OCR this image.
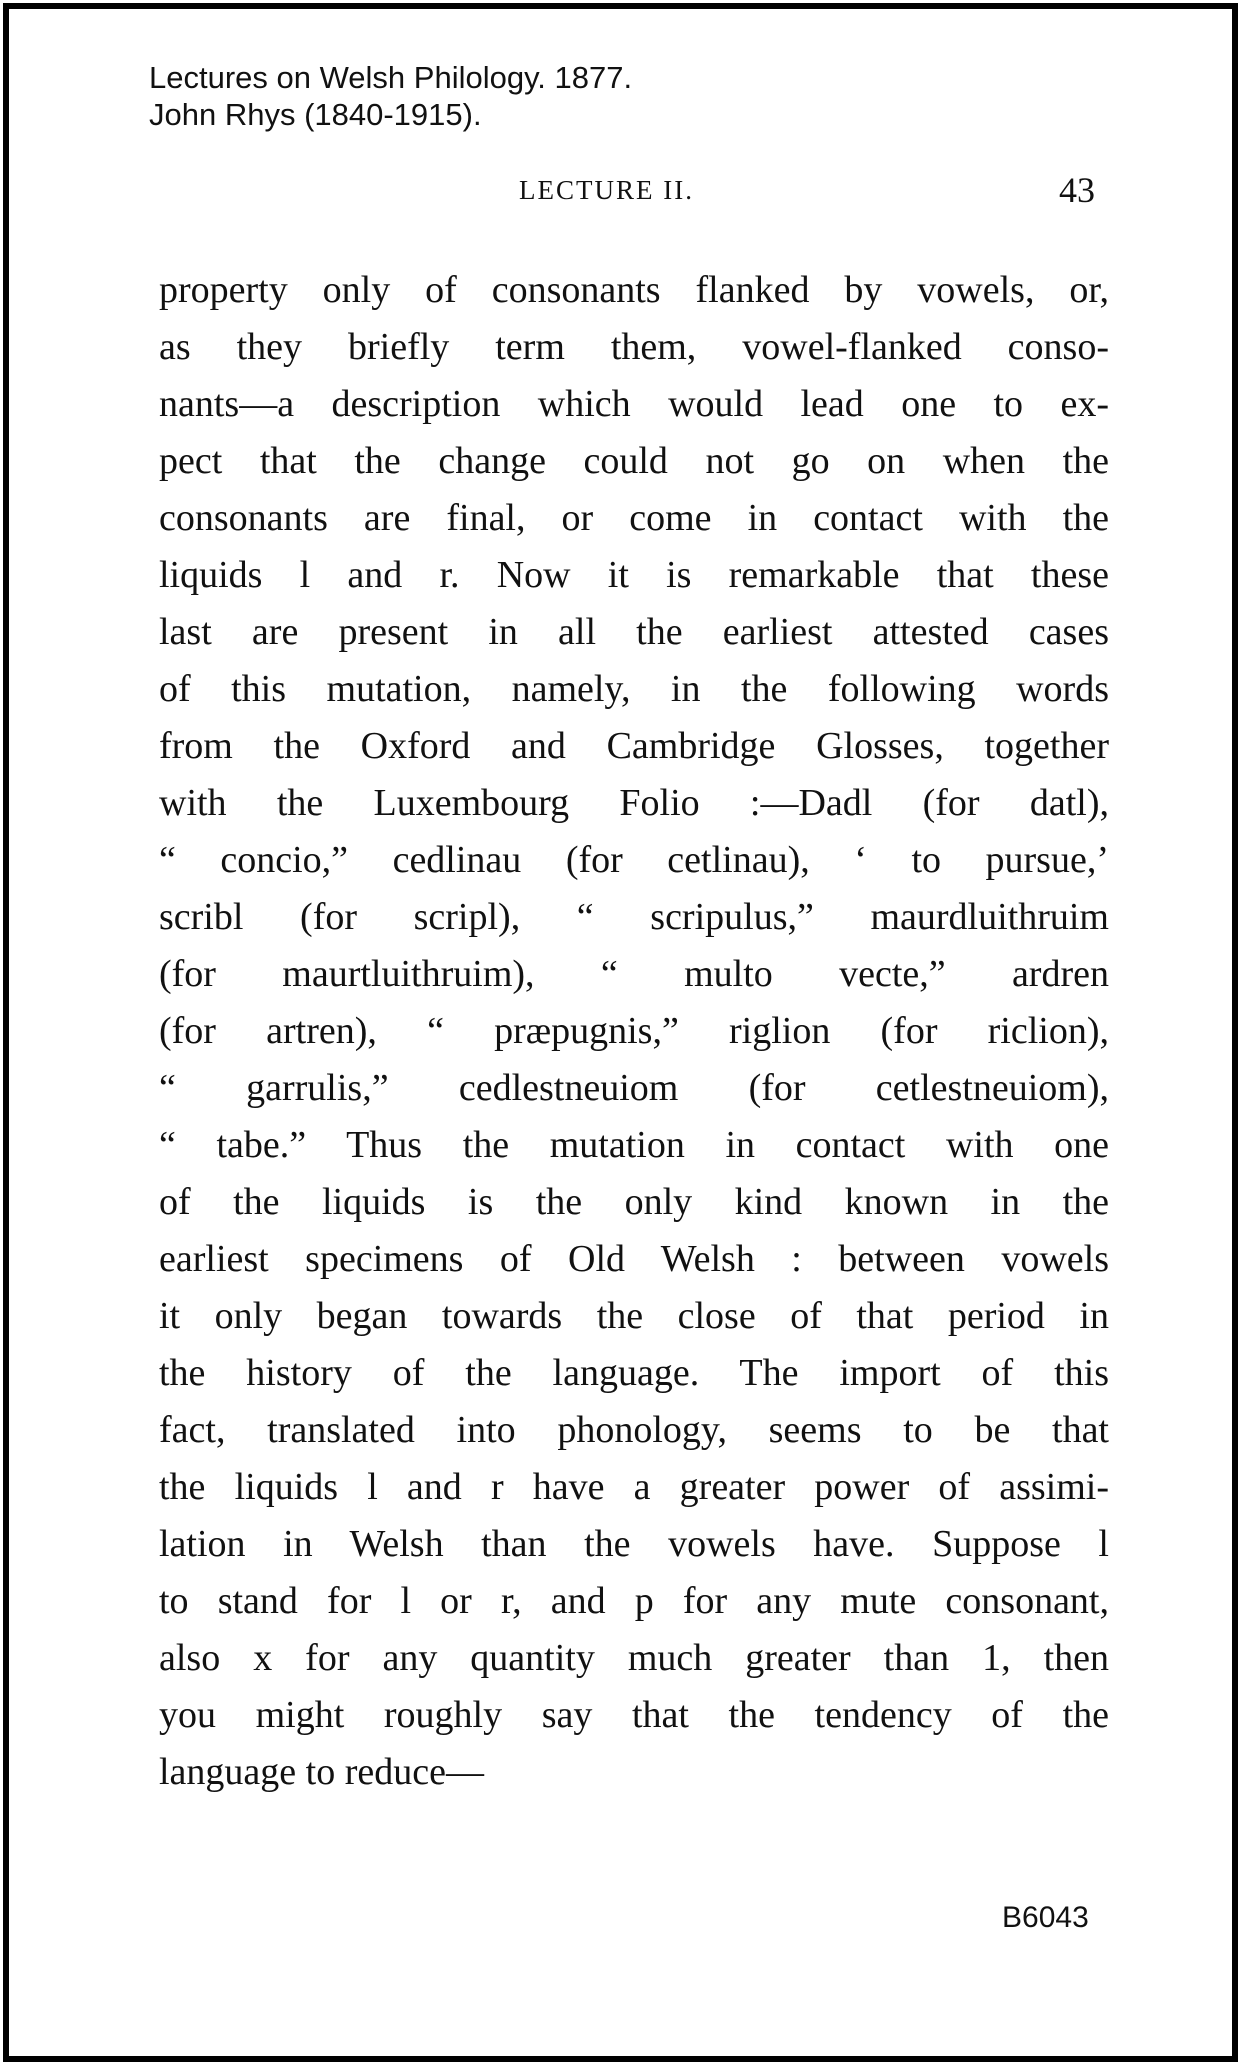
Lectures on Welsh Philology. 1877.
John Rhys (1840-1915).
LECTURE II.	43
property only of consonants flanked by vowels, or,
as they briefly term them, vowel-flanked conso-
nants—a description which would lead one to ex-
pect that the change could not go on when the
consonants are final, or come in contact with the
liquids l and r. Now it is remarkable that these
last are present in all the earliest attested cases
of this mutation, namely, in the following words
from the Oxford and Cambridge Glosses, together
with the Luxembourg Folio :—Dadl (for datl),
“ concio,” cedlinau (for cetlinau), ‘ to pursue,’
scribl (for scripl), “ scripulus,” maurdluithruim
(for maurtluithruim), “ multo vecte,” ardren
(for artren), “ præpugnis,” riglion (for riclion),
“ garrulis,” cedlestneuiom (for cetlestneuiom),
“ tabe.” Thus the mutation in contact with one
of the liquids is the only kind known in the
earliest specimens of Old Welsh : between vowels
it only began towards the close of that period in
the history of the language. The import of this
fact, translated into phonology, seems to be that
the liquids l and r have a greater power of assimi-
lation in Welsh than the vowels have. Suppose l
to stand for l or r, and p for any mute consonant,
also x for any quantity much greater than 1, then
you might roughly say that the tendency of the
language to reduce—
B6043
